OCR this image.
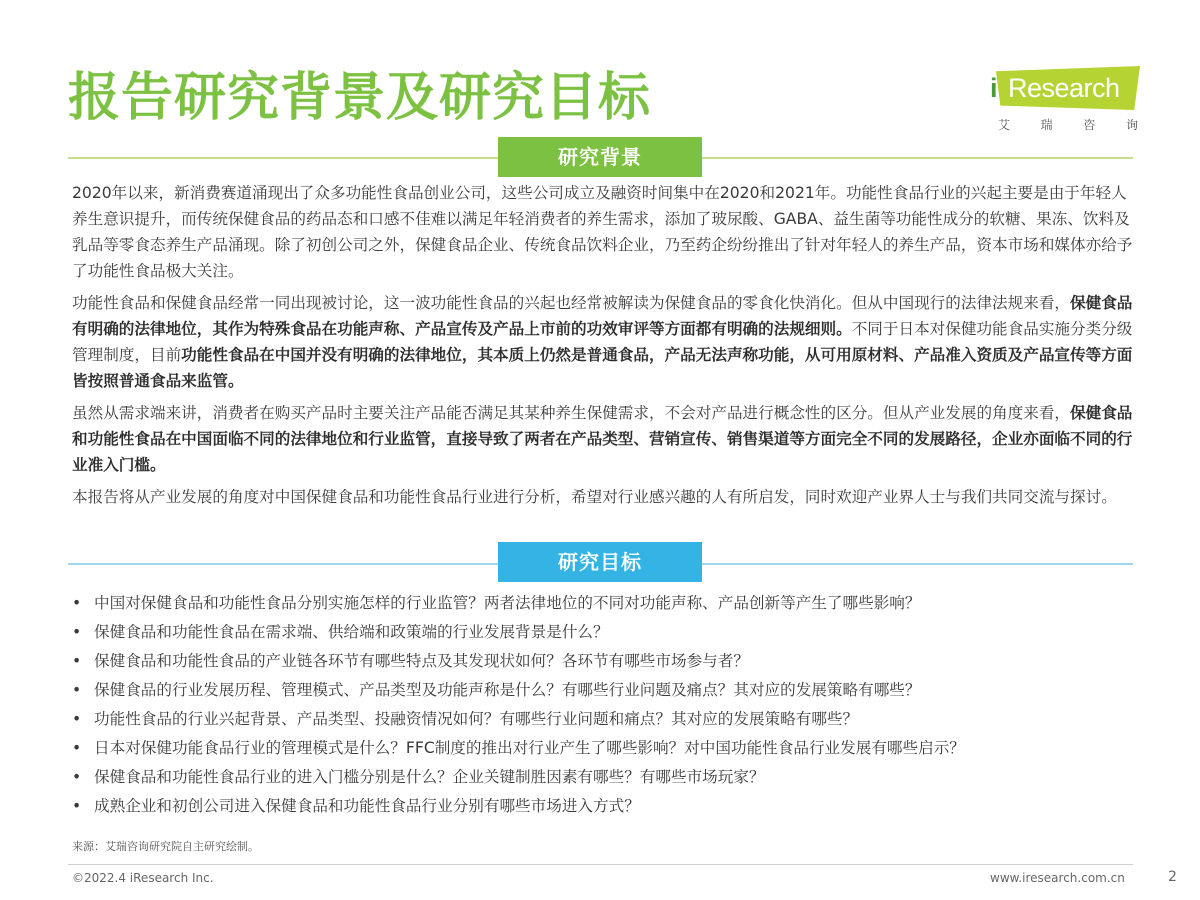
报告研究背景及研究目标	i Research
艾	瑞	咨	询
研究背景

2020年以来，新消费赛道涌现出了众多功能性食品创业公司，这些公司成立及融资时间集中在2020和2021年。功能性食品行业的兴起主要是由于年轻人养生意识提升，而传统保健食品的药品态和口感不佳难以满足年轻消费者的养生需求，添加了玻尿酸、GABA、益生菌等功能性成分的软糖、果冻、饮料及乳品等零食态养生产品涌现。除了初创公司之外，保健食品企业、传统食品饮料企业，乃至药企纷纷推出了针对年轻人的养生产品，资本市场和媒体亦给予了功能性食品极大关注。

功能性食品和保健食品经常一同出现被讨论，这一波功能性食品的兴起也经常被解读为保健食品的零食化快消化。但从中国现行的法律法规来看，保健食品有明确的法律地位，其作为特殊食品在功能声称、产品宣传及产品上市前的功效审评等方面都有明确的法规细则。不同于日本对保健功能食品实施分类分级管理制度，目前功能性食品在中国并没有明确的法律地位，其本质上仍然是普通食品，产品无法声称功能，从可用原材料、产品准入资质及产品宣传等方面皆按照普通食品来监管。

虽然从需求端来讲，消费者在购买产品时主要关注产品能否满足其某种养生保健需求，不会对产品进行概念性的区分。但从产业发展的角度来看，保健食品和功能性食品在中国面临不同的法律地位和行业监管，直接导致了两者在产品类型、营销宣传、销售渠道等方面完全不同的发展路径，企业亦面临不同的行业准入门槛。

本报告将从产业发展的角度对中国保健食品和功能性食品行业进行分析，希望对行业感兴趣的人有所启发，同时欢迎产业界人士与我们共同交流与探讨。

研究目标
• 中国对保健食品和功能性食品分别实施怎样的行业监管？两者法律地位的不同对功能声称、产品创新等产生了哪些影响？
• 保健食品和功能性食品在需求端、供给端和政策端的行业发展背景是什么？
• 保健食品和功能性食品的产业链各环节有哪些特点及其发现状如何？各环节有哪些市场参与者？
• 保健食品的行业发展历程、管理模式、产品类型及功能声称是什么？有哪些行业问题及痛点？其对应的发展策略有哪些？
• 功能性食品的行业兴起背景、产品类型、投融资情况如何？有哪些行业问题和痛点？其对应的发展策略有哪些？
• 日本对保健功能食品行业的管理模式是什么？FFC制度的推出对行业产生了哪些影响？对中国功能性食品行业发展有哪些启示？
• 保健食品和功能性食品行业的进入门槛分别是什么？企业关键制胜因素有哪些？有哪些市场玩家？
• 成熟企业和初创公司进入保健食品和功能性食品行业分别有哪些市场进入方式？
来源：艾瑞咨询研究院自主研究绘制。
©2022.4 iResearch Inc.	www.iresearch.com.cn	2
